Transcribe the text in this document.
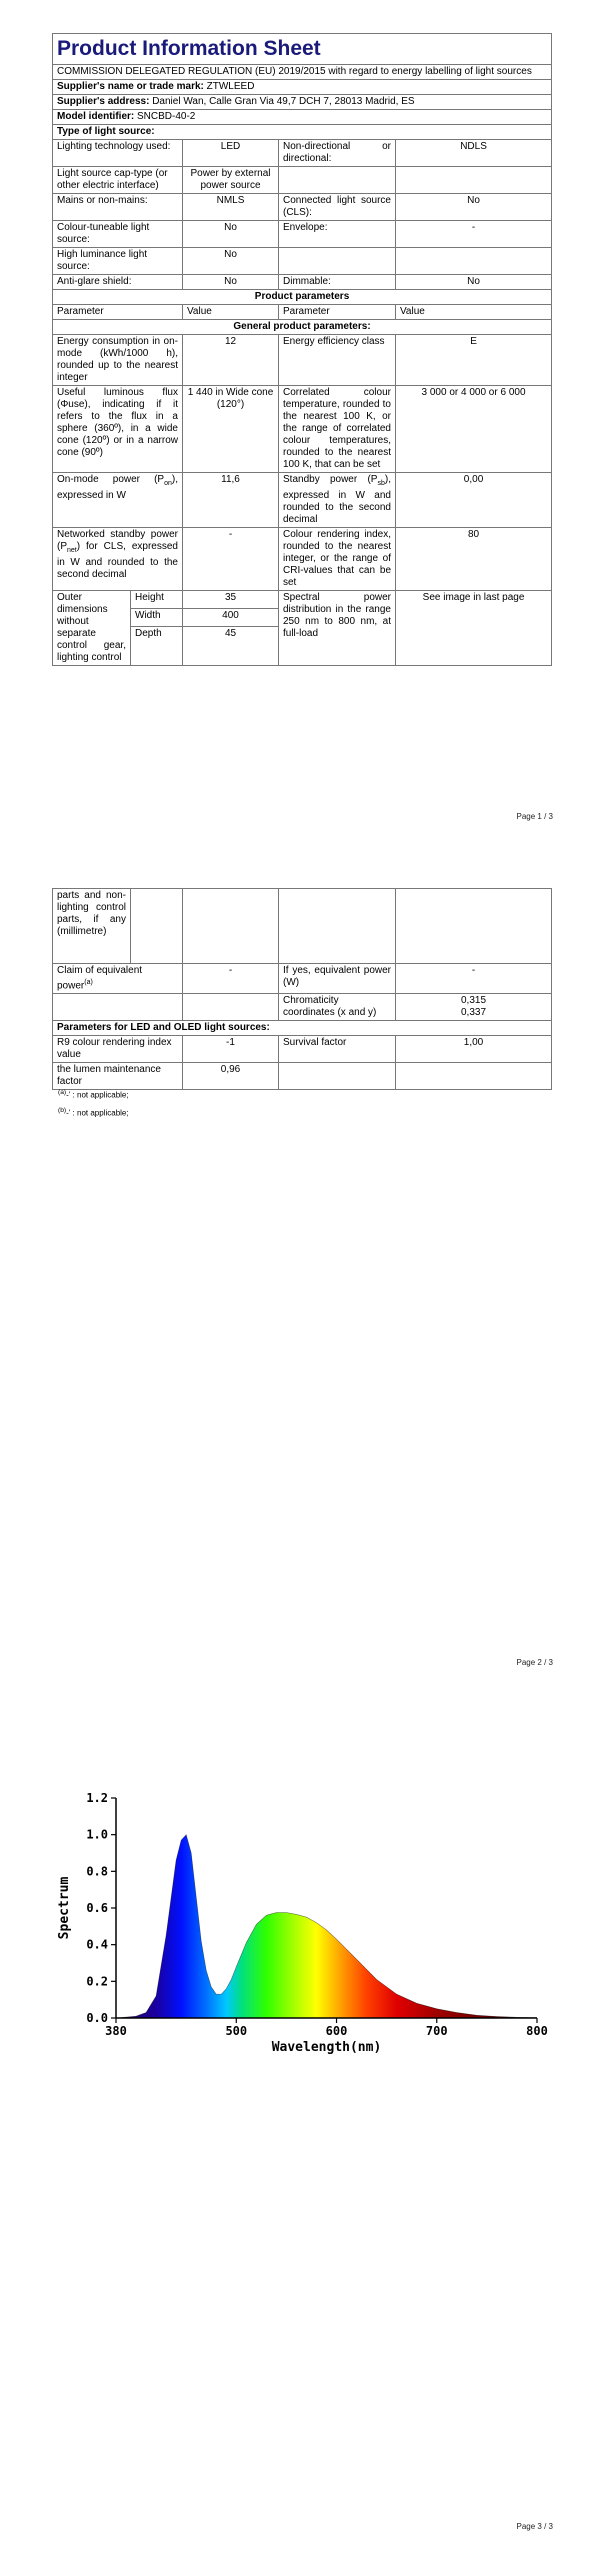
Product Information Sheet				
COMMISSION DELEGATED REGULATION (EU) 2019/2015 with regard to energy labelling of light sources				
Supplier's name or trade mark: ZTWLEED				
Supplier's address: Daniel Wan, Calle Gran Via 49,7 DCH 7, 28013 Madrid, ES				
Model identifier: SNCBD-40-2				
Type of light source:				
Lighting technology used:		LED	Non-directional or directional:	NDLS
Light source cap-type (or other electric interface)		Power by external power source		
Mains or non-mains:		NMLS	Connected light source (CLS):	No
Colour-tuneable light source:		No	Envelope:	-
High luminance light source:		No		
Anti-glare shield:		No	Dimmable:	No
Product parameters				
Parameter		Value	Parameter	Value
General product parameters:				
Energy consumption in on-mode (kWh/1000 h), rounded up to the nearest integer		12	Energy efficiency class	E
Useful luminous flux (Φuse), indicating if it refers to the flux in a sphere (360º), in a wide cone (120º) or in a narrow cone (90º)		1 440 in Wide cone (120°)	Correlated colour temperature, rounded to the nearest 100 K, or the range of correlated colour temperatures, rounded to the nearest 100 K, that can be set	3 000 or 4 000 or 6 000
On-mode power $(P_{on})$, expressed in W		11,6	Standby power $(P_{sb})$, expressed in W and rounded to the second decimal	0,00
Networked standby power $(P_{net})$ for CLS, expressed in W and rounded to the second decimal		-	Colour rendering index, rounded to the nearest integer, or the range of CRI-values that can be set	80
Outer dimensions without separate control gear, lighting control	Height	35	Spectral power distribution in the range 250 nm to 800 nm, at full-load	See image in last page
	Width	400		
	Depth	45		
Page 1 / 3
parts and non-lighting control parts, if any (millimetre)				
Claim of equivalent power$^{(a)}$		-	If yes, equivalent power (W)	-
			Chromaticity coordinates (x and y)	0,315
0,337

Parameters for LED and OLED light sources:				
R9 colour rendering index value		-1	Survival factor	1,00
the lumen maintenance factor		0,96		
$^{(a)}$-' : not applicable;
$^{(b)}$-' : not applicable;
Page 2 / 3
0.0
0.2
0.4
0.6
0.8
1.0
1.2
380	500	600	700	800
Wavelength(nm)
Spectrum
Page 3 / 3
